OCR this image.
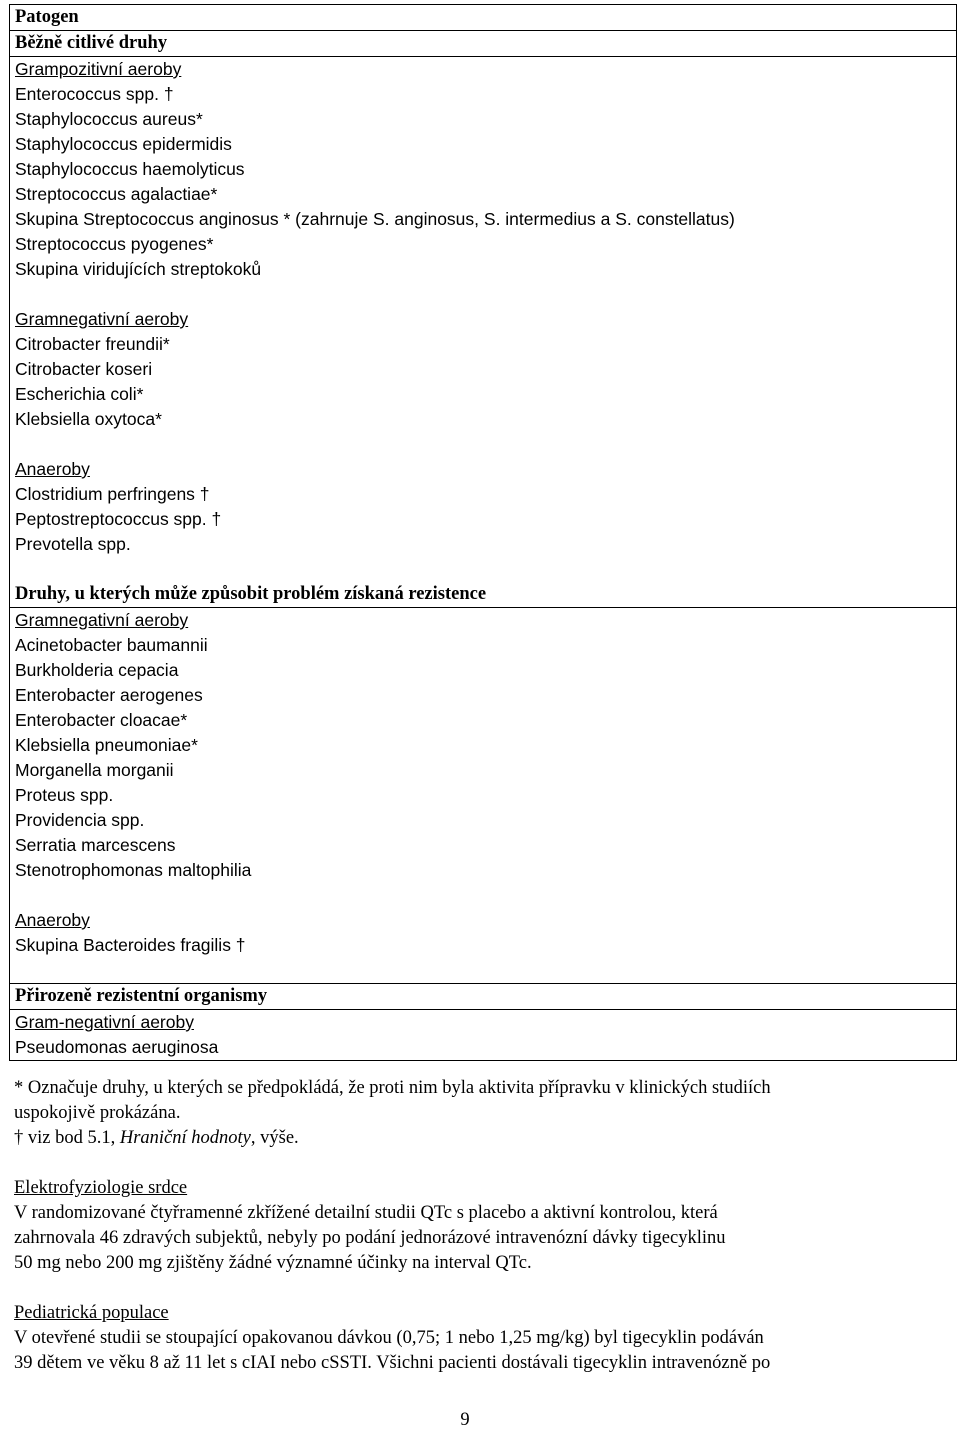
Patogen
Běžně citlivé druhy
Grampozitivní aeroby
Enterococcus spp. †
Staphylococcus aureus*
Staphylococcus epidermidis
Staphylococcus haemolyticus
Streptococcus agalactiae*
Skupina Streptococcus anginosus * (zahrnuje S. anginosus, S. intermedius a S. constellatus)
Streptococcus pyogenes*
Skupina viridujících streptokoků
Gramnegativní aeroby
Citrobacter freundii*
Citrobacter koseri
Escherichia coli*
Klebsiella oxytoca*
Anaeroby
Clostridium perfringens †
Peptostreptococcus spp. †
Prevotella spp.
Druhy, u kterých může způsobit problém získaná rezistence
Gramnegativní aeroby
Acinetobacter baumannii
Burkholderia cepacia
Enterobacter aerogenes
Enterobacter cloacae*
Klebsiella pneumoniae*
Morganella morganii
Proteus spp.
Providencia spp.
Serratia marcescens
Stenotrophomonas maltophilia
Anaeroby
Skupina Bacteroides fragilis †
Přirozeně rezistentní organismy
Gram-negativní aeroby
Pseudomonas aeruginosa
* Označuje druhy, u kterých se předpokládá, že proti nim byla aktivita přípravku v klinických studiích
uspokojivě prokázána.
† viz bod 5.1, Hraniční hodnoty, výše.
Elektrofyziologie srdce
V randomizované čtyřramenné zkřížené detailní studii QTc s placebo a aktivní kontrolou, která
zahrnovala 46 zdravých subjektů, nebyly po podání jednorázové intravenózní dávky tigecyklinu
50 mg nebo 200 mg zjištěny žádné významné účinky na interval QTc.
Pediatrická populace
V otevřené studii se stoupající opakovanou dávkou (0,75; 1 nebo 1,25 mg/kg) byl tigecyklin podáván
39 dětem ve věku 8 až 11 let s cIAI nebo cSSTI. Všichni pacienti dostávali tigecyklin intravenózně po
9
